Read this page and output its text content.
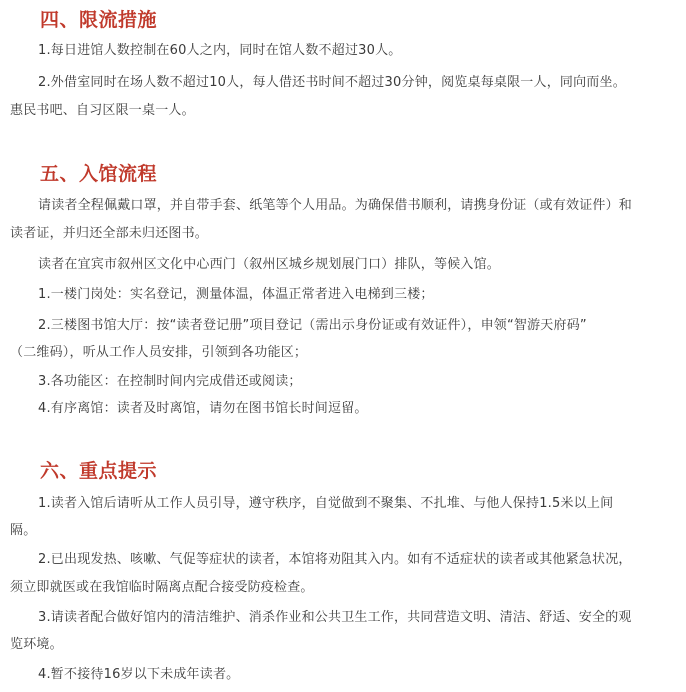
四、限流措施
1.每日进馆人数控制在60人之内，同时在馆人数不超过30人。
2.外借室同时在场人数不超过10人，每人借还书时间不超过30分钟，阅览桌每桌限一人，同向而坐。
惠民书吧、自习区限一桌一人。
五、入馆流程
请读者全程佩戴口罩，并自带手套、纸笔等个人用品。为确保借书顺利，请携身份证（或有效证件）和
读者证，并归还全部未归还图书。
读者在宜宾市叙州区文化中心西门（叙州区城乡规划展门口）排队，等候入馆。
1.一楼门岗处：实名登记，测量体温，体温正常者进入电梯到三楼；
2.三楼图书馆大厅：按“读者登记册”项目登记（需出示身份证或有效证件），申领“智游天府码”
（二维码），听从工作人员安排，引领到各功能区；
3.各功能区：在控制时间内完成借还或阅读；
4.有序离馆：读者及时离馆，请勿在图书馆长时间逗留。
六、重点提示
1.读者入馆后请听从工作人员引导，遵守秩序，自觉做到不聚集、不扎堆、与他人保持1.5米以上间
隔。
2.已出现发热、咳嗽、气促等症状的读者，本馆将劝阻其入内。如有不适症状的读者或其他紧急状况，
须立即就医或在我馆临时隔离点配合接受防疫检查。
3.请读者配合做好馆内的清洁维护、消杀作业和公共卫生工作，共同营造文明、清洁、舒适、安全的观
览环境。
4.暂不接待16岁以下未成年读者。
